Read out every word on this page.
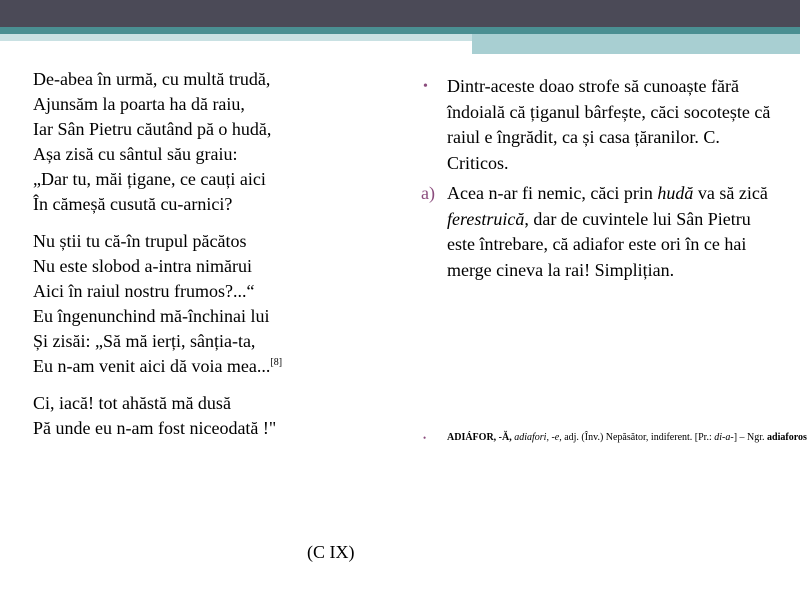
De-abea în urmă, cu multă trudă,
Ajunsăm la poarta ha dă raiu,
Iar Sân Pietru căutând pă o hudă,
Așa zisă cu sântul său graiu:
„Dar tu, măi țigane, ce cauți aici
În cămeșă cusută cu-arnici?
Nu știi tu că-în trupul păcătos
Nu este slobod a-intra nimărui
Aici în raiul nostru frumos?...“
Eu îngenunchind mă-închinai lui
Și zisăi: „Să mă ierți, sânția-ta,
Eu n-am venit aici dă voia mea...[8]
Ci, iacă! tot ahăstă mă dusă
Pă unde eu n-am fost niceodată !"
(C IX)
• Dintr-aceste doao strofe să cunoaște fără îndoială că țiganul bârfește, căci socotește că raiul e îngrădit, ca și casa țăranilor. C. Criticos.
a) Acea n-ar fi nemic, căci prin hudă va să zică ferestruică, dar de cuvintele lui Sân Pietru este întrebare, că adiafor este ori în ce hai merge cineva la rai! Simplițian.
• ADIÁFOR, -Ă, adiafori, -e, adj. (Înv.) Nepăsător, indiferent. [Pr.: di-a-] – Ngr. adiaforos
